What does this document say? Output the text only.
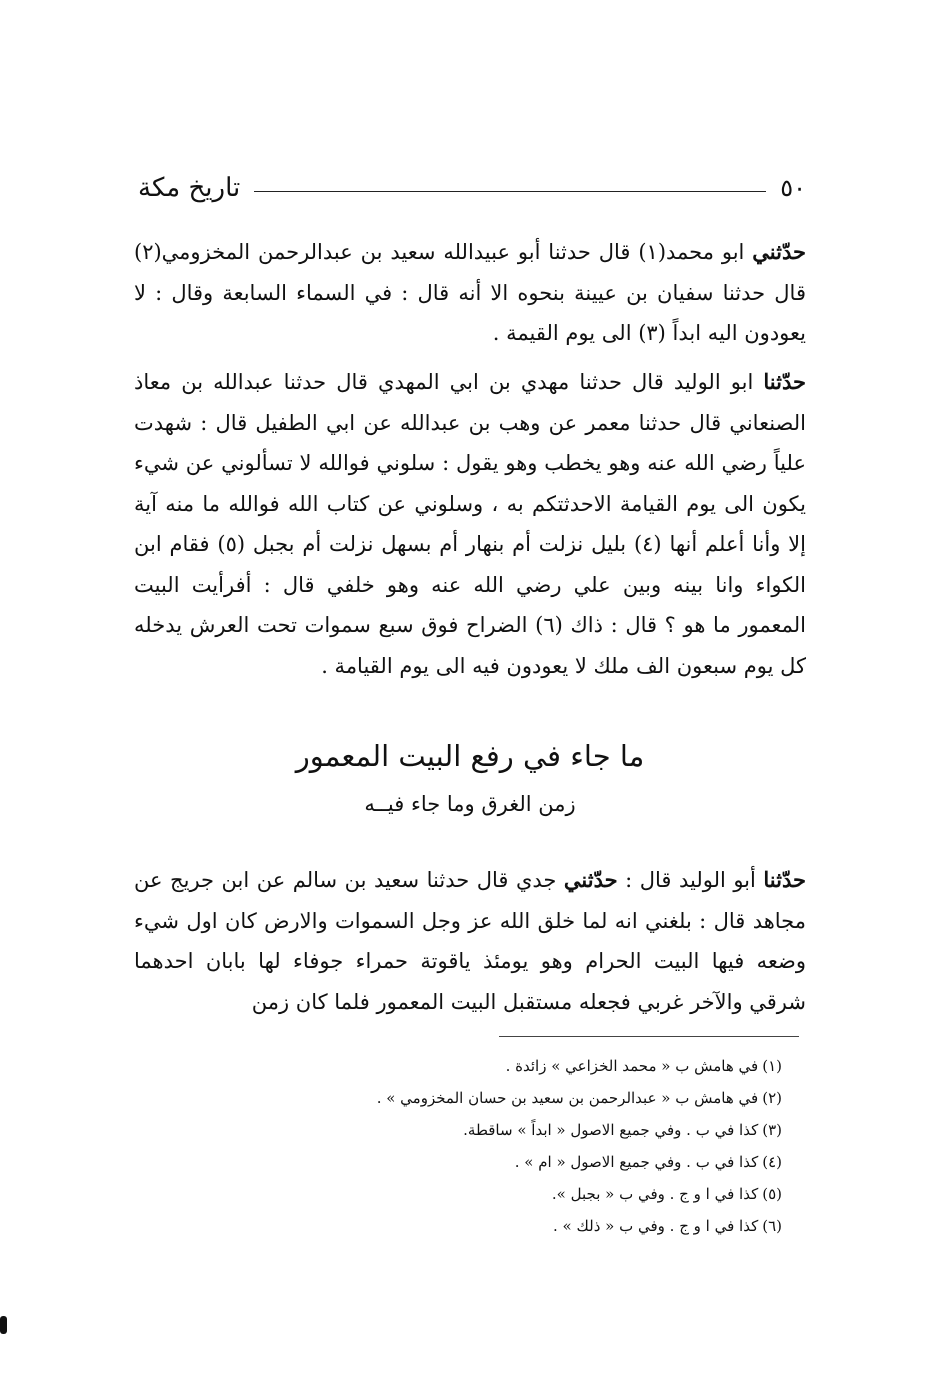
تاريخ مكة	٥٠

حدّثني ابو محمد(١) قال حدثنا أبو عبيدالله سعيد بن عبدالرحمن المخزومي(٢) قال حدثنا سفيان بن عيينة بنحوه الا أنه قال : في السماء السابعة وقال : لا يعودون اليه ابداً (٣) الى يوم القيمة .

حدّثنا ابو الوليد قال حدثنا مهدي بن ابي المهدي قال حدثنا عبدالله بن معاذ الصنعاني قال حدثنا معمر عن وهب بن عبدالله عن ابي الطفيل قال : شهدت علياً رضي الله عنه وهو يخطب وهو يقول : سلوني فوالله لا تسألوني عن شيء يكون الى يوم القيامة الاحدثتكم به ، وسلوني عن كتاب الله فوالله ما منه آية إلا وأنا أعلم أنها (٤) بليل نزلت أم بنهار أم بسهل نزلت أم بجبل (٥) فقام ابن الكواء وانا بينه وبين علي رضي الله عنه وهو خلفي قال : أفرأيت البيت المعمور ما هو ؟ قال : ذاك (٦) الضراح فوق سبع سموات تحت العرش يدخله كل يوم سبعون الف ملك لا يعودون فيه الى يوم القيامة .

ما جاء في رفع البيت المعمور
زمن الغرق وما جاء فيــه

حدّثنا أبو الوليد قال : حدّثني جدي قال حدثنا سعيد بن سالم عن ابن جريج عن مجاهد قال : بلغني انه لما خلق الله عز وجل السموات والارض كان اول شيء وضعه فيها البيت الحرام وهو يومئذ ياقوتة حمراء جوفاء لها بابان احدهما شرقي والآخر غربي فجعله مستقبل البيت المعمور فلما كان زمن

(١)في هامش ب « محمد الخزاعي » زائدة .
(٢)في هامش ب « عبدالرحمن بن سعيد بن حسان المخزومي » .
(٣)كذا في ب . وفي جميع الاصول « ابداً » ساقطة.
(٤)كذا في ب . وفي جميع الاصول « ام » .
(٥)كذا في ا و ج . وفي ب « بجبل ».
(٦)كذا في ا و ج . وفي ب « ذلك » .
